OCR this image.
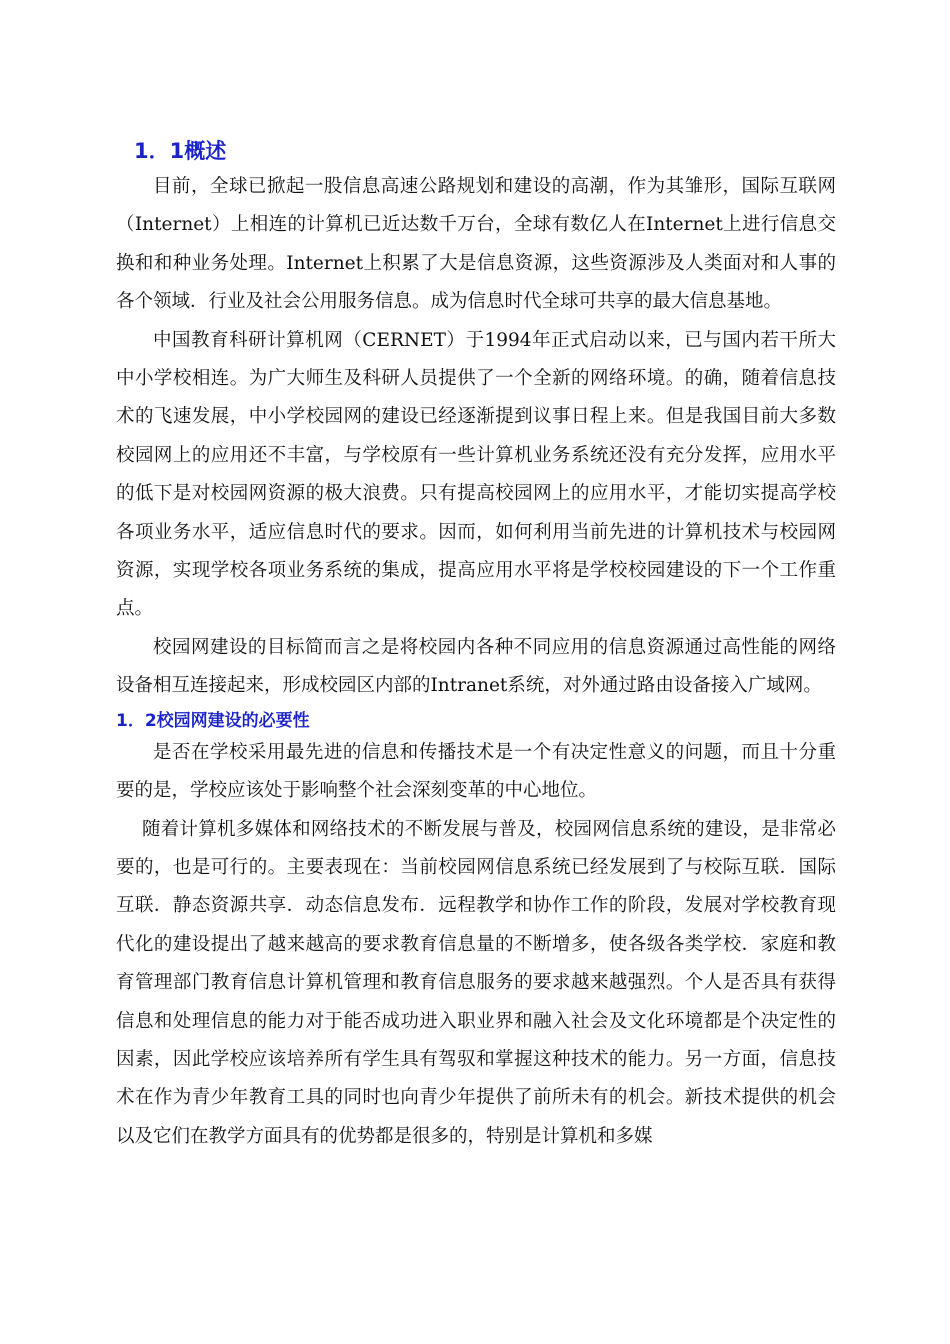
1．1概述

目前，全球已掀起一股信息高速公路规划和建设的高潮，作为其雏形，国际互联网（Internet）上相连的计算机已近达数千万台，全球有数亿人在Internet上进行信息交换和和种业务处理。Internet上积累了大是信息资源，这些资源涉及人类面对和人事的各个领域．行业及社会公用服务信息。成为信息时代全球可共享的最大信息基地。

中国教育科研计算机网（CERNET）于1994年正式启动以来，已与国内若干所大中小学校相连。为广大师生及科研人员提供了一个全新的网络环境。的确，随着信息技术的飞速发展，中小学校园网的建设已经逐渐提到议事日程上来。但是我国目前大多数校园网上的应用还不丰富，与学校原有一些计算机业务系统还没有充分发挥，应用水平的低下是对校园网资源的极大浪费。只有提高校园网上的应用水平，才能切实提高学校各项业务水平，适应信息时代的要求。因而，如何利用当前先进的计算机技术与校园网资源，实现学校各项业务系统的集成，提高应用水平将是学校校园建设的下一个工作重点。

校园网建设的目标简而言之是将校园内各种不同应用的信息资源通过高性能的网络设备相互连接起来，形成校园区内部的Intranet系统，对外通过路由设备接入广域网。

1．2校园网建设的必要性

是否在学校采用最先进的信息和传播技术是一个有决定性意义的问题，而且十分重要的是，学校应该处于影响整个社会深刻变革的中心地位。

随着计算机多媒体和网络技术的不断发展与普及，校园网信息系统的建设，是非常必要的，也是可行的。主要表现在：当前校园网信息系统已经发展到了与校际互联．国际互联．静态资源共享．动态信息发布．远程教学和协作工作的阶段，发展对学校教育现代化的建设提出了越来越高的要求教育信息量的不断增多，使各级各类学校．家庭和教育管理部门教育信息计算机管理和教育信息服务的要求越来越强烈。个人是否具有获得信息和处理信息的能力对于能否成功进入职业界和融入社会及文化环境都是个决定性的因素，因此学校应该培养所有学生具有驾驭和掌握这种技术的能力。另一方面，信息技术在作为青少年教育工具的同时也向青少年提供了前所未有的机会。新技术提供的机会以及它们在教学方面具有的优势都是很多的，特别是计算机和多媒
